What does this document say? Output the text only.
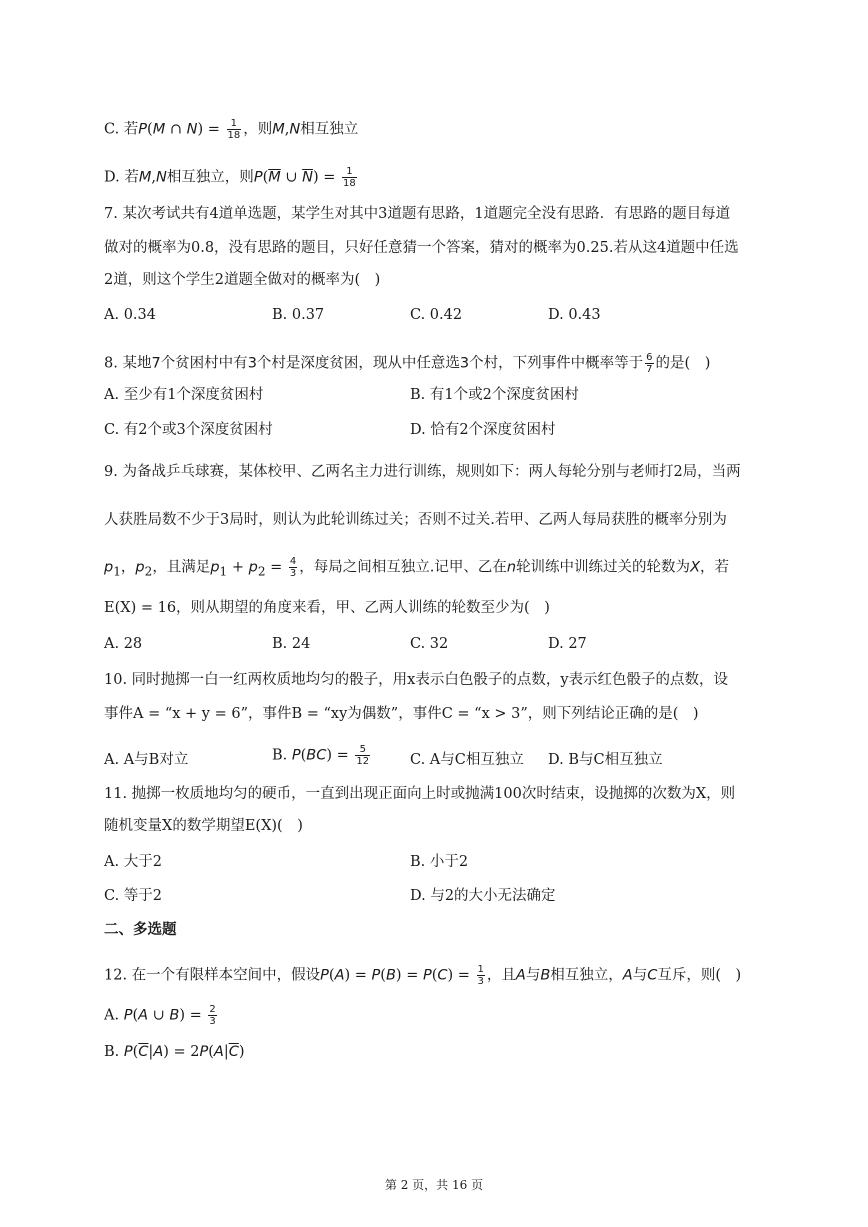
C. 若P(M ∩ $N) = \frac{1}{18}$ ，则M,N相互独立
D. 若M,N相互独立，则$P(\overline{M}$ ∪ $\overline{N}) = \frac{1}{18}$
7. 某次考试共有4道单选题，某学生对其中3道题有思路，1道题完全没有思路．有思路的题目每道
做对的概率为0.8，没有思路的题目，只好任意猜一个答案，猜对的概率为0.25.若从这4道题中任选
2道，则这个学生2道题全做对的概率为(　)
A. 0.34	B. 0.37	C. 0.42	D. 0.43
8. 某地7个贫困村中有3个村是深度贫困，现从中任意选3个村，下列事件中概率等于 $\frac{6}{7}$ 的是(　)
A. 至少有1个深度贫困村	B. 有1个或2个深度贫困村
C. 有2个或3个深度贫困村	D. 恰有2个深度贫困村
9. 为备战乒乓球赛，某体校甲、乙两名主力进行训练，规则如下：两人每轮分别与老师打2局，当两
人获胜局数不少于3局时，则认为此轮训练过关；否则不过关.若甲、乙两人每局获胜的概率分别为
$p_1$，$p_2$，且满足$p_1 + p_2 = \frac{4}{3}$ ，每局之间相互独立.记甲、乙在n轮训练中训练过关的轮数为X，若
E(X) = 16，则从期望的角度来看，甲、乙两人训练的轮数至少为(　)
A. 28	B. 24	C. 32	D. 27
10. 同时抛掷一白一红两枚质地均匀的骰子，用x表示白色骰子的点数，y表示红色骰子的点数，设
事件A = “x + y = 6”，事件B = “xy为偶数”，事件C = “x > 3”，则下列结论正确的是(　)
A. A与B对立	B. $P(BC) = \frac{5}{12}$	C. A与C相互独立 D. B与C相互独立
11. 抛掷一枚质地均匀的硬币，一直到出现正面向上时或抛满100次时结束，设抛掷的次数为X，则
随机变量X的数学期望E(X)(　)
A. 大于2	B. 小于2
C. 等于2	D. 与2的大小无法确定
二、多选题
12. 在一个有限样本空间中，假设$P(A) = P(B) = P(C) = \frac{1}{3}$ ，且A与B相互独立，A与C互斥，则(　)
A. P(A ∪ $B) = \frac{2}{3}$
B. $P(\overline{C}|A) = 2P(A|\overline{C})$
第 2 页，共 16 页
